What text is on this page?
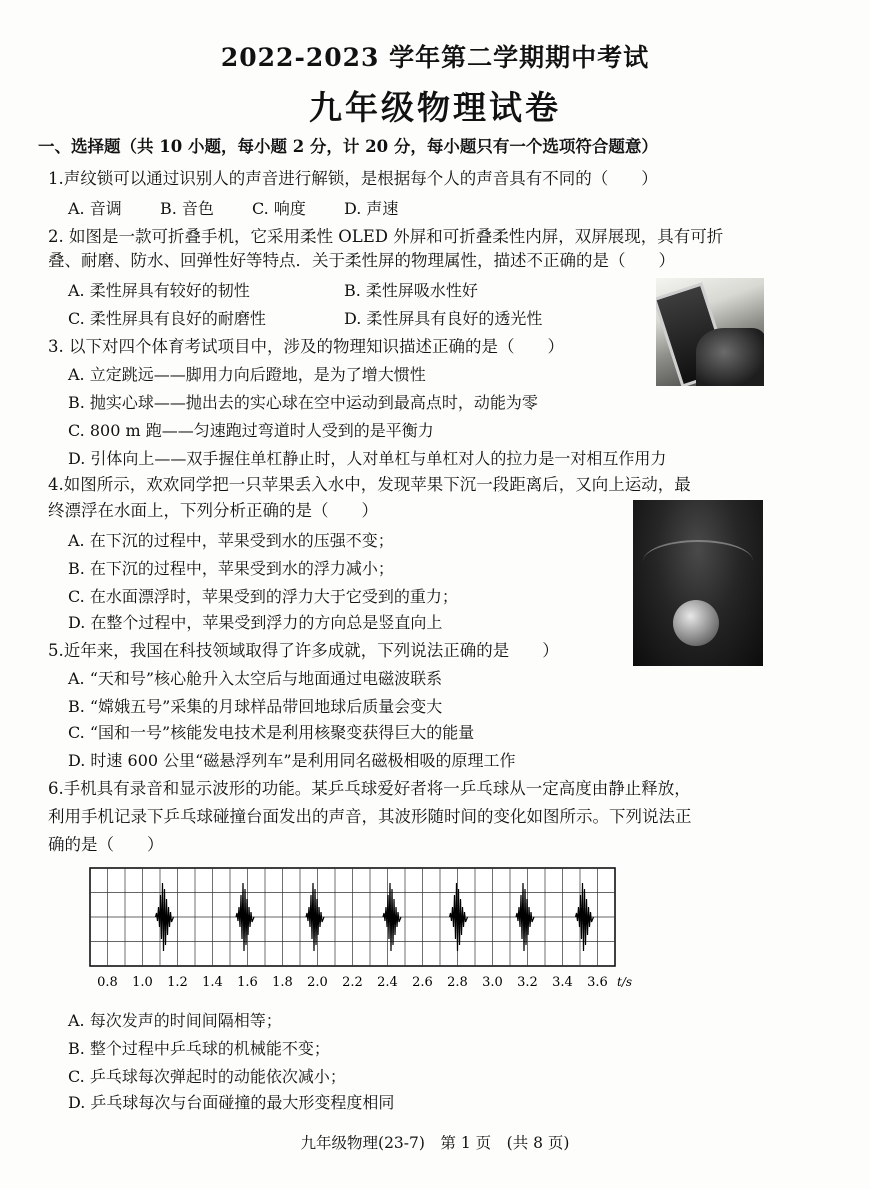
2022-2023 学年第二学期期中考试
九年级物理试卷
一、选择题（共 10 小题，每小题 2 分，计 20 分，每小题只有一个选项符合题意）
1.声纹锁可以通过识别人的声音进行解锁，是根据每个人的声音具有不同的（　　）
A. 音调 B. 音色 C. 响度 D. 声速
2. 如图是一款可折叠手机，它采用柔性 OLED 外屏和可折叠柔性内屏，双屏展现，具有可折
叠、耐磨、防水、回弹性好等特点．关于柔性屏的物理属性，描述不正确的是（　　）
A. 柔性屏具有较好的韧性	B. 柔性屏吸水性好
C. 柔性屏具有良好的耐磨性	D. 柔性屏具有良好的透光性
3. 以下对四个体育考试项目中，涉及的物理知识描述正确的是（　　）
A. 立定跳远——脚用力向后蹬地，是为了增大惯性
B. 抛实心球——抛出去的实心球在空中运动到最高点时，动能为零
C. 800 m 跑——匀速跑过弯道时人受到的是平衡力
D. 引体向上——双手握住单杠静止时，人对单杠与单杠对人的拉力是一对相互作用力
4.如图所示，欢欢同学把一只苹果丢入水中，发现苹果下沉一段距离后，又向上运动，最
终漂浮在水面上，下列分析正确的是（　　）
A. 在下沉的过程中，苹果受到水的压强不变；
B. 在下沉的过程中，苹果受到水的浮力减小；
C. 在水面漂浮时，苹果受到的浮力大于它受到的重力；
D. 在整个过程中，苹果受到浮力的方向总是竖直向上
5.近年来，我国在科技领域取得了许多成就，下列说法正确的是　　）
A. “天和号”核心舱升入太空后与地面通过电磁波联系
B. “嫦娥五号”采集的月球样品带回地球后质量会变大
C. “国和一号”核能发电技术是利用核聚变获得巨大的能量
D. 时速 600 公里“磁悬浮列车”是利用同名磁极相吸的原理工作
6.手机具有录音和显示波形的功能。某乒乓球爱好者将一乒乓球从一定高度由静止释放，
利用手机记录下乒乓球碰撞台面发出的声音，其波形随时间的变化如图所示。下列说法正
确的是（　　）
0.8 1.0 1.2 1.4 1.6 1.8 2.0 2.2 2.4 2.6 2.8 3.0 3.2 3.4 3.6 t/s
A. 每次发声的时间间隔相等；
B. 整个过程中乒乓球的机械能不变；
C. 乒乓球每次弹起时的动能依次减小；
D. 乒乓球每次与台面碰撞的最大形变程度相同
九年级物理(23-7)　第 1 页　(共 8 页)
